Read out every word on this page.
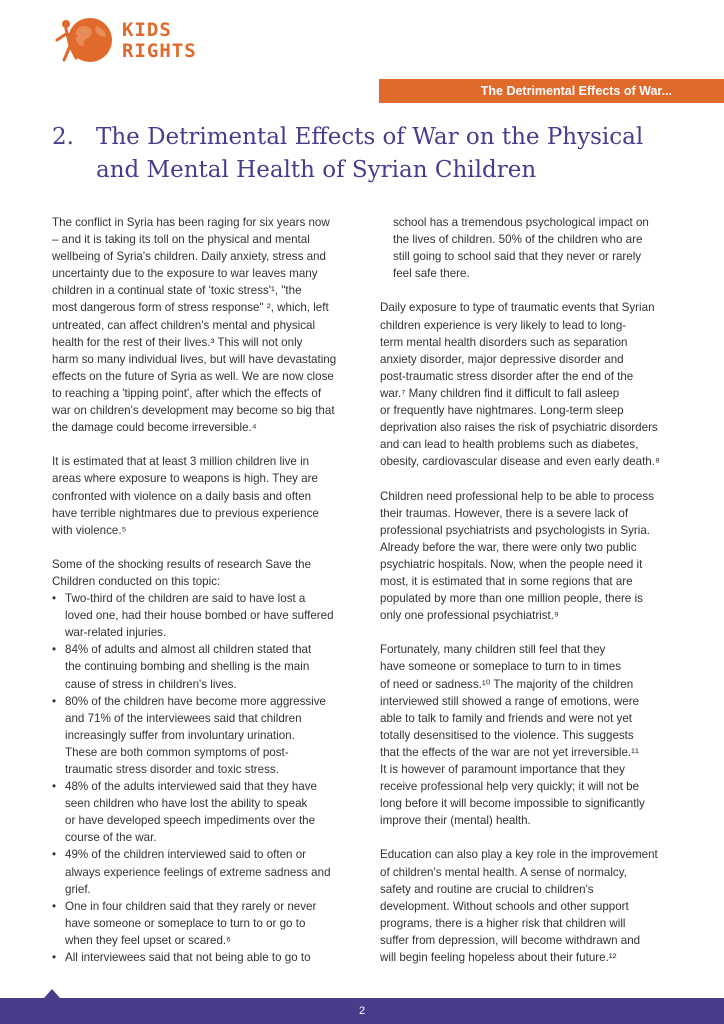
KIDS
RIGHTS
The Detrimental Effects of War...
2. The Detrimental Effects of War on the Physical
and Mental Health of Syrian Children
The conflict in Syria has been raging for six years now
– and it is taking its toll on the physical and mental
wellbeing of Syria's children. Daily anxiety, stress and
uncertainty due to the exposure to war leaves many
children in a continual state of 'toxic stress'¹, "the
most dangerous form of stress response" ², which, left
untreated, can affect children's mental and physical
health for the rest of their lives.³ This will not only
harm so many individual lives, but will have devastating
effects on the future of Syria as well. We are now close
to reaching a 'tipping point', after which the effects of
war on children's development may become so big that
the damage could become irreversible.⁴
It is estimated that at least 3 million children live in
areas where exposure to weapons is high. They are
confronted with violence on a daily basis and often
have terrible nightmares due to previous experience
with violence.⁵
Some of the shocking results of research Save the
Children conducted on this topic:
• Two-third of the children are said to have lost a
loved one, had their house bombed or have suffered
war-related injuries.
• 84% of adults and almost all children stated that
the continuing bombing and shelling is the main
cause of stress in children's lives.
• 80% of the children have become more aggressive
and 71% of the interviewees said that children
increasingly suffer from involuntary urination.
These are both common symptoms of post-
traumatic stress disorder and toxic stress.
• 48% of the adults interviewed said that they have
seen children who have lost the ability to speak
or have developed speech impediments over the
course of the war.
• 49% of the children interviewed said to often or
always experience feelings of extreme sadness and
grief.
• One in four children said that they rarely or never
have someone or someplace to turn to or go to
when they feel upset or scared.⁶
• All interviewees said that not being able to go to
school has a tremendous psychological impact on
the lives of children. 50% of the children who are
still going to school said that they never or rarely
feel safe there.
Daily exposure to type of traumatic events that Syrian
children experience is very likely to lead to long-
term mental health disorders such as separation
anxiety disorder, major depressive disorder and
post-traumatic stress disorder after the end of the
war.⁷ Many children find it difficult to fall asleep
or frequently have nightmares. Long-term sleep
deprivation also raises the risk of psychiatric disorders
and can lead to health problems such as diabetes,
obesity, cardiovascular disease and even early death.⁸
Children need professional help to be able to process
their traumas. However, there is a severe lack of
professional psychiatrists and psychologists in Syria.
Already before the war, there were only two public
psychiatric hospitals. Now, when the people need it
most, it is estimated that in some regions that are
populated by more than one million people, there is
only one professional psychiatrist.⁹
Fortunately, many children still feel that they
have someone or someplace to turn to in times
of need or sadness.¹⁰ The majority of the children
interviewed still showed a range of emotions, were
able to talk to family and friends and were not yet
totally desensitised to the violence. This suggests
that the effects of the war are not yet irreversible.¹¹
It is however of paramount importance that they
receive professional help very quickly; it will not be
long before it will become impossible to significantly
improve their (mental) health.
Education can also play a key role in the improvement
of children's mental health. A sense of normalcy,
safety and routine are crucial to children's
development. Without schools and other support
programs, there is a higher risk that children will
suffer from depression, will become withdrawn and
will begin feeling hopeless about their future.¹²
2
